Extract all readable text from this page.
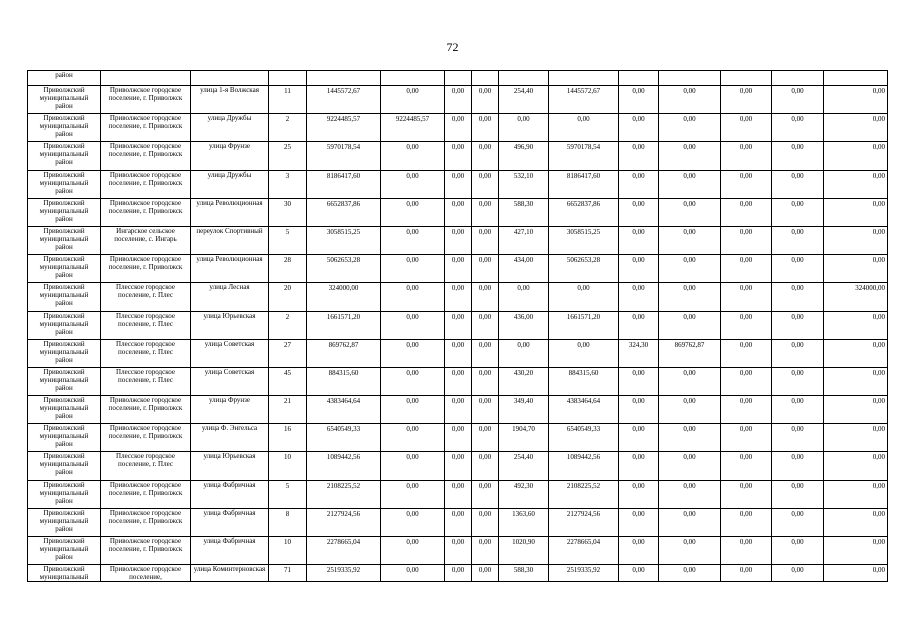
72
район														
Приволжский муниципальный район	Приволжское городское поселение, г. Приволжск	улица 1-я Волжская	11	1445572,67	0,00	0,00	0,00	254,40	1445572,67	0,00	0,00	0,00	0,00	0,00
Приволжский муниципальный район	Приволжское городское поселение, г. Приволжск	улица Дружбы	2	9224485,57	9224485,57	0,00	0,00	0,00	0,00	0,00	0,00	0,00	0,00	0,00
Приволжский муниципальный район	Приволжское городское поселение, г. Приволжск	улица Фрунзе	25	5970178,54	0,00	0,00	0,00	496,90	5970178,54	0,00	0,00	0,00	0,00	0,00
Приволжский муниципальный район	Приволжское городское поселение, г. Приволжск	улица Дружбы	3	8186417,60	0,00	0,00	0,00	532,10	8186417,60	0,00	0,00	0,00	0,00	0,00
Приволжский муниципальный район	Приволжское городское поселение, г. Приволжск	улица Революционная	30	6652837,86	0,00	0,00	0,00	588,30	6652837,86	0,00	0,00	0,00	0,00	0,00
Приволжский муниципальный район	Ингарское сельское поселение, с. Ингарь	переулок Спортивный	5	3058515,25	0,00	0,00	0,00	427,10	3058515,25	0,00	0,00	0,00	0,00	0,00
Приволжский муниципальный район	Приволжское городское поселение, г. Приволжск	улица Революционная	28	5062653,28	0,00	0,00	0,00	434,00	5062653,28	0,00	0,00	0,00	0,00	0,00
Приволжский муниципальный район	Плесское городское поселение, г. Плес	улица Лесная	20	324000,00	0,00	0,00	0,00	0,00	0,00	0,00	0,00	0,00	0,00	324000,00
Приволжский муниципальный район	Плесское городское поселение, г. Плес	улица Юрьевская	2	1661571,20	0,00	0,00	0,00	436,00	1661571,20	0,00	0,00	0,00	0,00	0,00
Приволжский муниципальный район	Плесское городское поселение, г. Плес	улица Советская	27	869762,87	0,00	0,00	0,00	0,00	0,00	324,30	869762,87	0,00	0,00	0,00
Приволжский муниципальный район	Плесское городское поселение, г. Плес	улица Советская	45	884315,60	0,00	0,00	0,00	430,20	884315,60	0,00	0,00	0,00	0,00	0,00
Приволжский муниципальный район	Приволжское городское поселение, г. Приволжск	улица Фрунзе	21	4383464,64	0,00	0,00	0,00	349,40	4383464,64	0,00	0,00	0,00	0,00	0,00
Приволжский муниципальный район	Приволжское городское поселение, г. Приволжск	улица Ф. Энгельса	16	6540549,33	0,00	0,00	0,00	1904,70	6540549,33	0,00	0,00	0,00	0,00	0,00
Приволжский муниципальный район	Плесское городское поселение, г. Плес	улица Юрьевская	10	1089442,56	0,00	0,00	0,00	254,40	1089442,56	0,00	0,00	0,00	0,00	0,00
Приволжский муниципальный район	Приволжское городское поселение, г. Приволжск	улица Фабричная	5	2108225,52	0,00	0,00	0,00	492,30	2108225,52	0,00	0,00	0,00	0,00	0,00
Приволжский муниципальный район	Приволжское городское поселение, г. Приволжск	улица Фабричная	8	2127924,56	0,00	0,00	0,00	1363,60	2127924,56	0,00	0,00	0,00	0,00	0,00
Приволжский муниципальный район	Приволжское городское поселение, г. Приволжск	улица Фабричная	10	2278665,04	0,00	0,00	0,00	1020,90	2278665,04	0,00	0,00	0,00	0,00	0,00
Приволжский муниципальный	Приволжское городское поселение,	улица Коминтерновская	71	2519335,92	0,00	0,00	0,00	588,30	2519335,92	0,00	0,00	0,00	0,00	0,00
